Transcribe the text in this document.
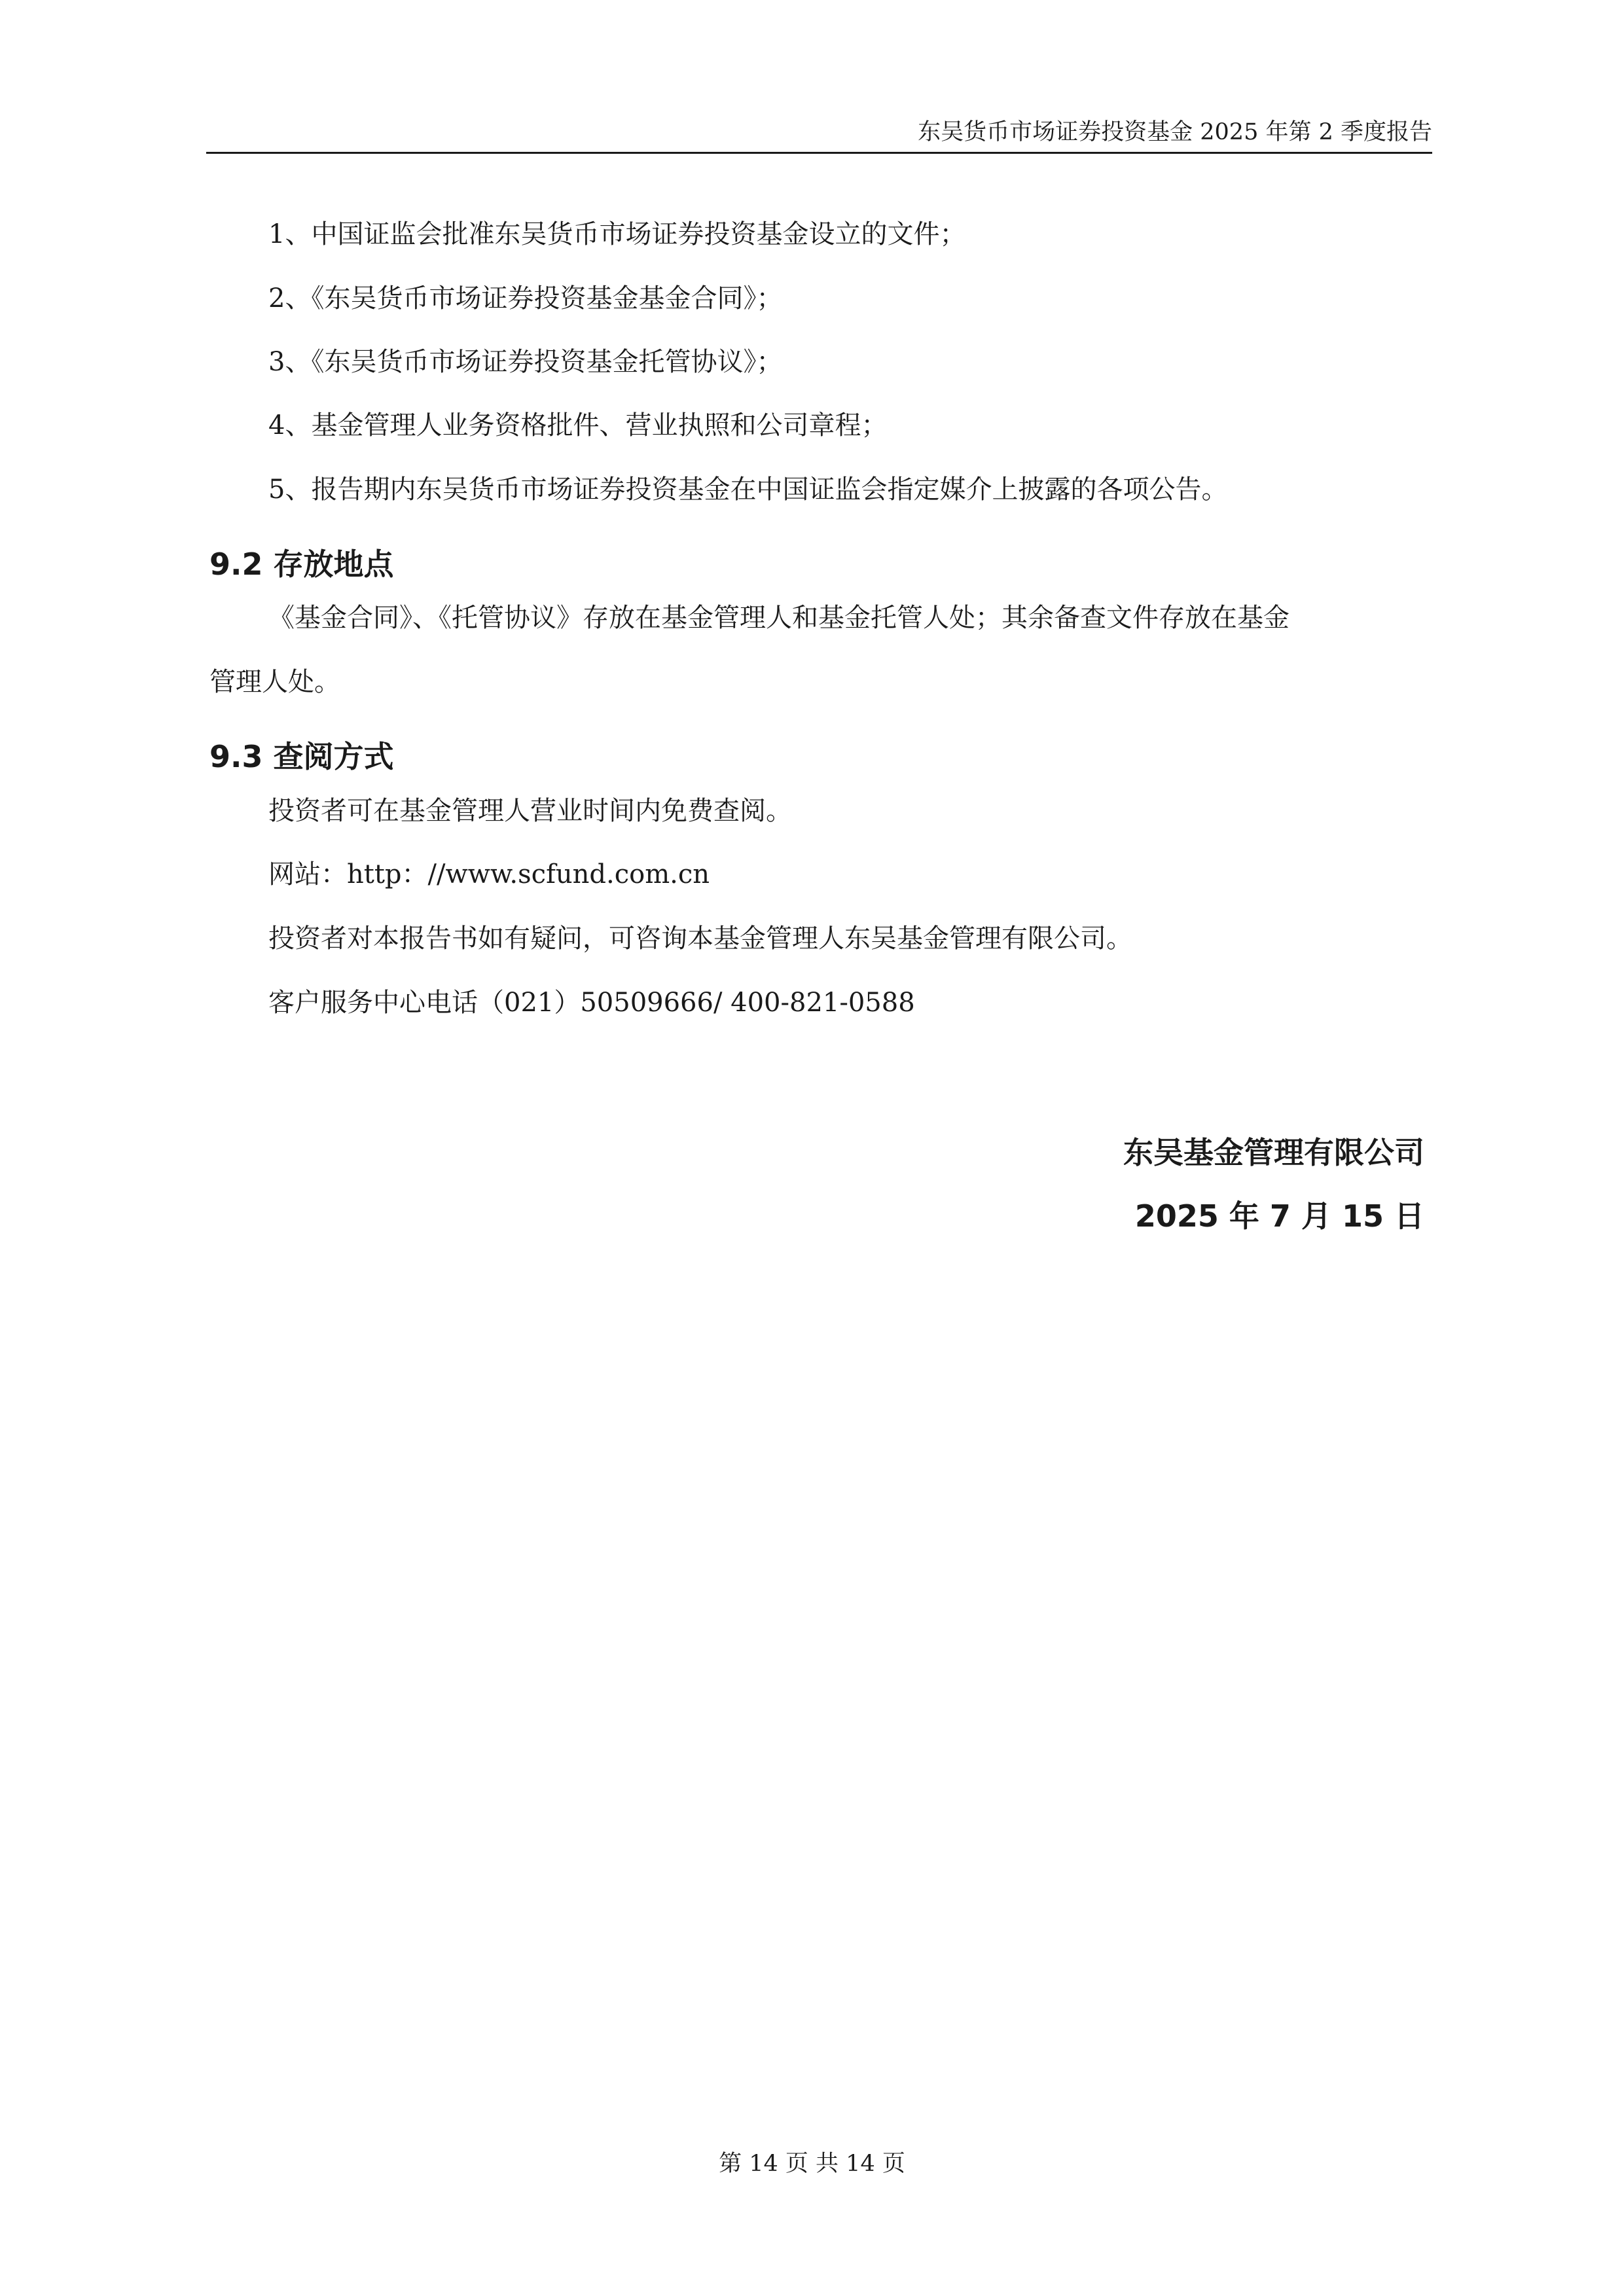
东吴货币市场证券投资基金 2025 年第 2 季度报告
1、中国证监会批准东吴货币市场证券投资基金设立的文件；
2、《东吴货币市场证券投资基金基金合同》；
3、《东吴货币市场证券投资基金托管协议》；
4、基金管理人业务资格批件、营业执照和公司章程；
5、报告期内东吴货币市场证券投资基金在中国证监会指定媒介上披露的各项公告。
9.2 存放地点
《基金合同》、《托管协议》存放在基金管理人和基金托管人处；其余备查文件存放在基金
管理人处。
9.3 查阅方式
投资者可在基金管理人营业时间内免费查阅。
网站：http：//www.scfund.com.cn
投资者对本报告书如有疑问，可咨询本基金管理人东吴基金管理有限公司。
客户服务中心电话（021）50509666/ 400-821-0588
东吴基金管理有限公司
2025 年 7 月 15 日
第 14 页 共 14 页
